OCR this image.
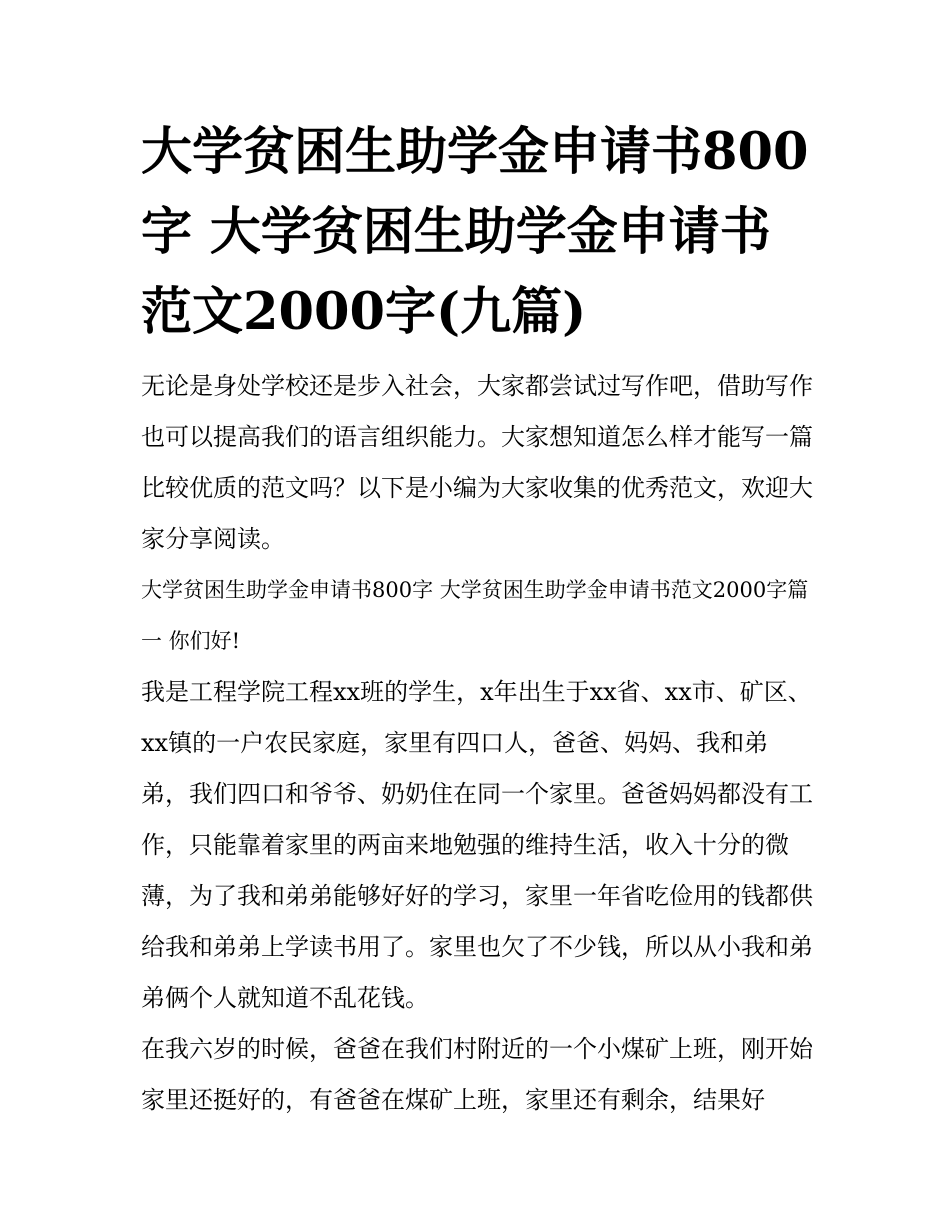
大学贫困生助学金申请书800字 大学贫困生助学金申请书范文2000字(九篇)

无论是身处学校还是步入社会，大家都尝试过写作吧，借助写作也可以提高我们的语言组织能力。大家想知道怎么样才能写一篇比较优质的范文吗？以下是小编为大家收集的优秀范文，欢迎大家分享阅读。

大学贫困生助学金申请书800字 大学贫困生助学金申请书范文2000字篇一 你们好!

我是工程学院工程xx班的学生，x年出生于xx省、xx市、矿区、xx镇的一户农民家庭，家里有四口人，爸爸、妈妈、我和弟弟，我们四口和爷爷、奶奶住在同一个家里。爸爸妈妈都没有工作，只能靠着家里的两亩来地勉强的维持生活，收入十分的微薄，为了我和弟弟能够好好的学习，家里一年省吃俭用的钱都供给我和弟弟上学读书用了。家里也欠了不少钱，所以从小我和弟弟俩个人就知道不乱花钱。

在我六岁的时候，爸爸在我们村附近的一个小煤矿上班，刚开始家里还挺好的，有爸爸在煤矿上班，家里还有剩余，结果好
